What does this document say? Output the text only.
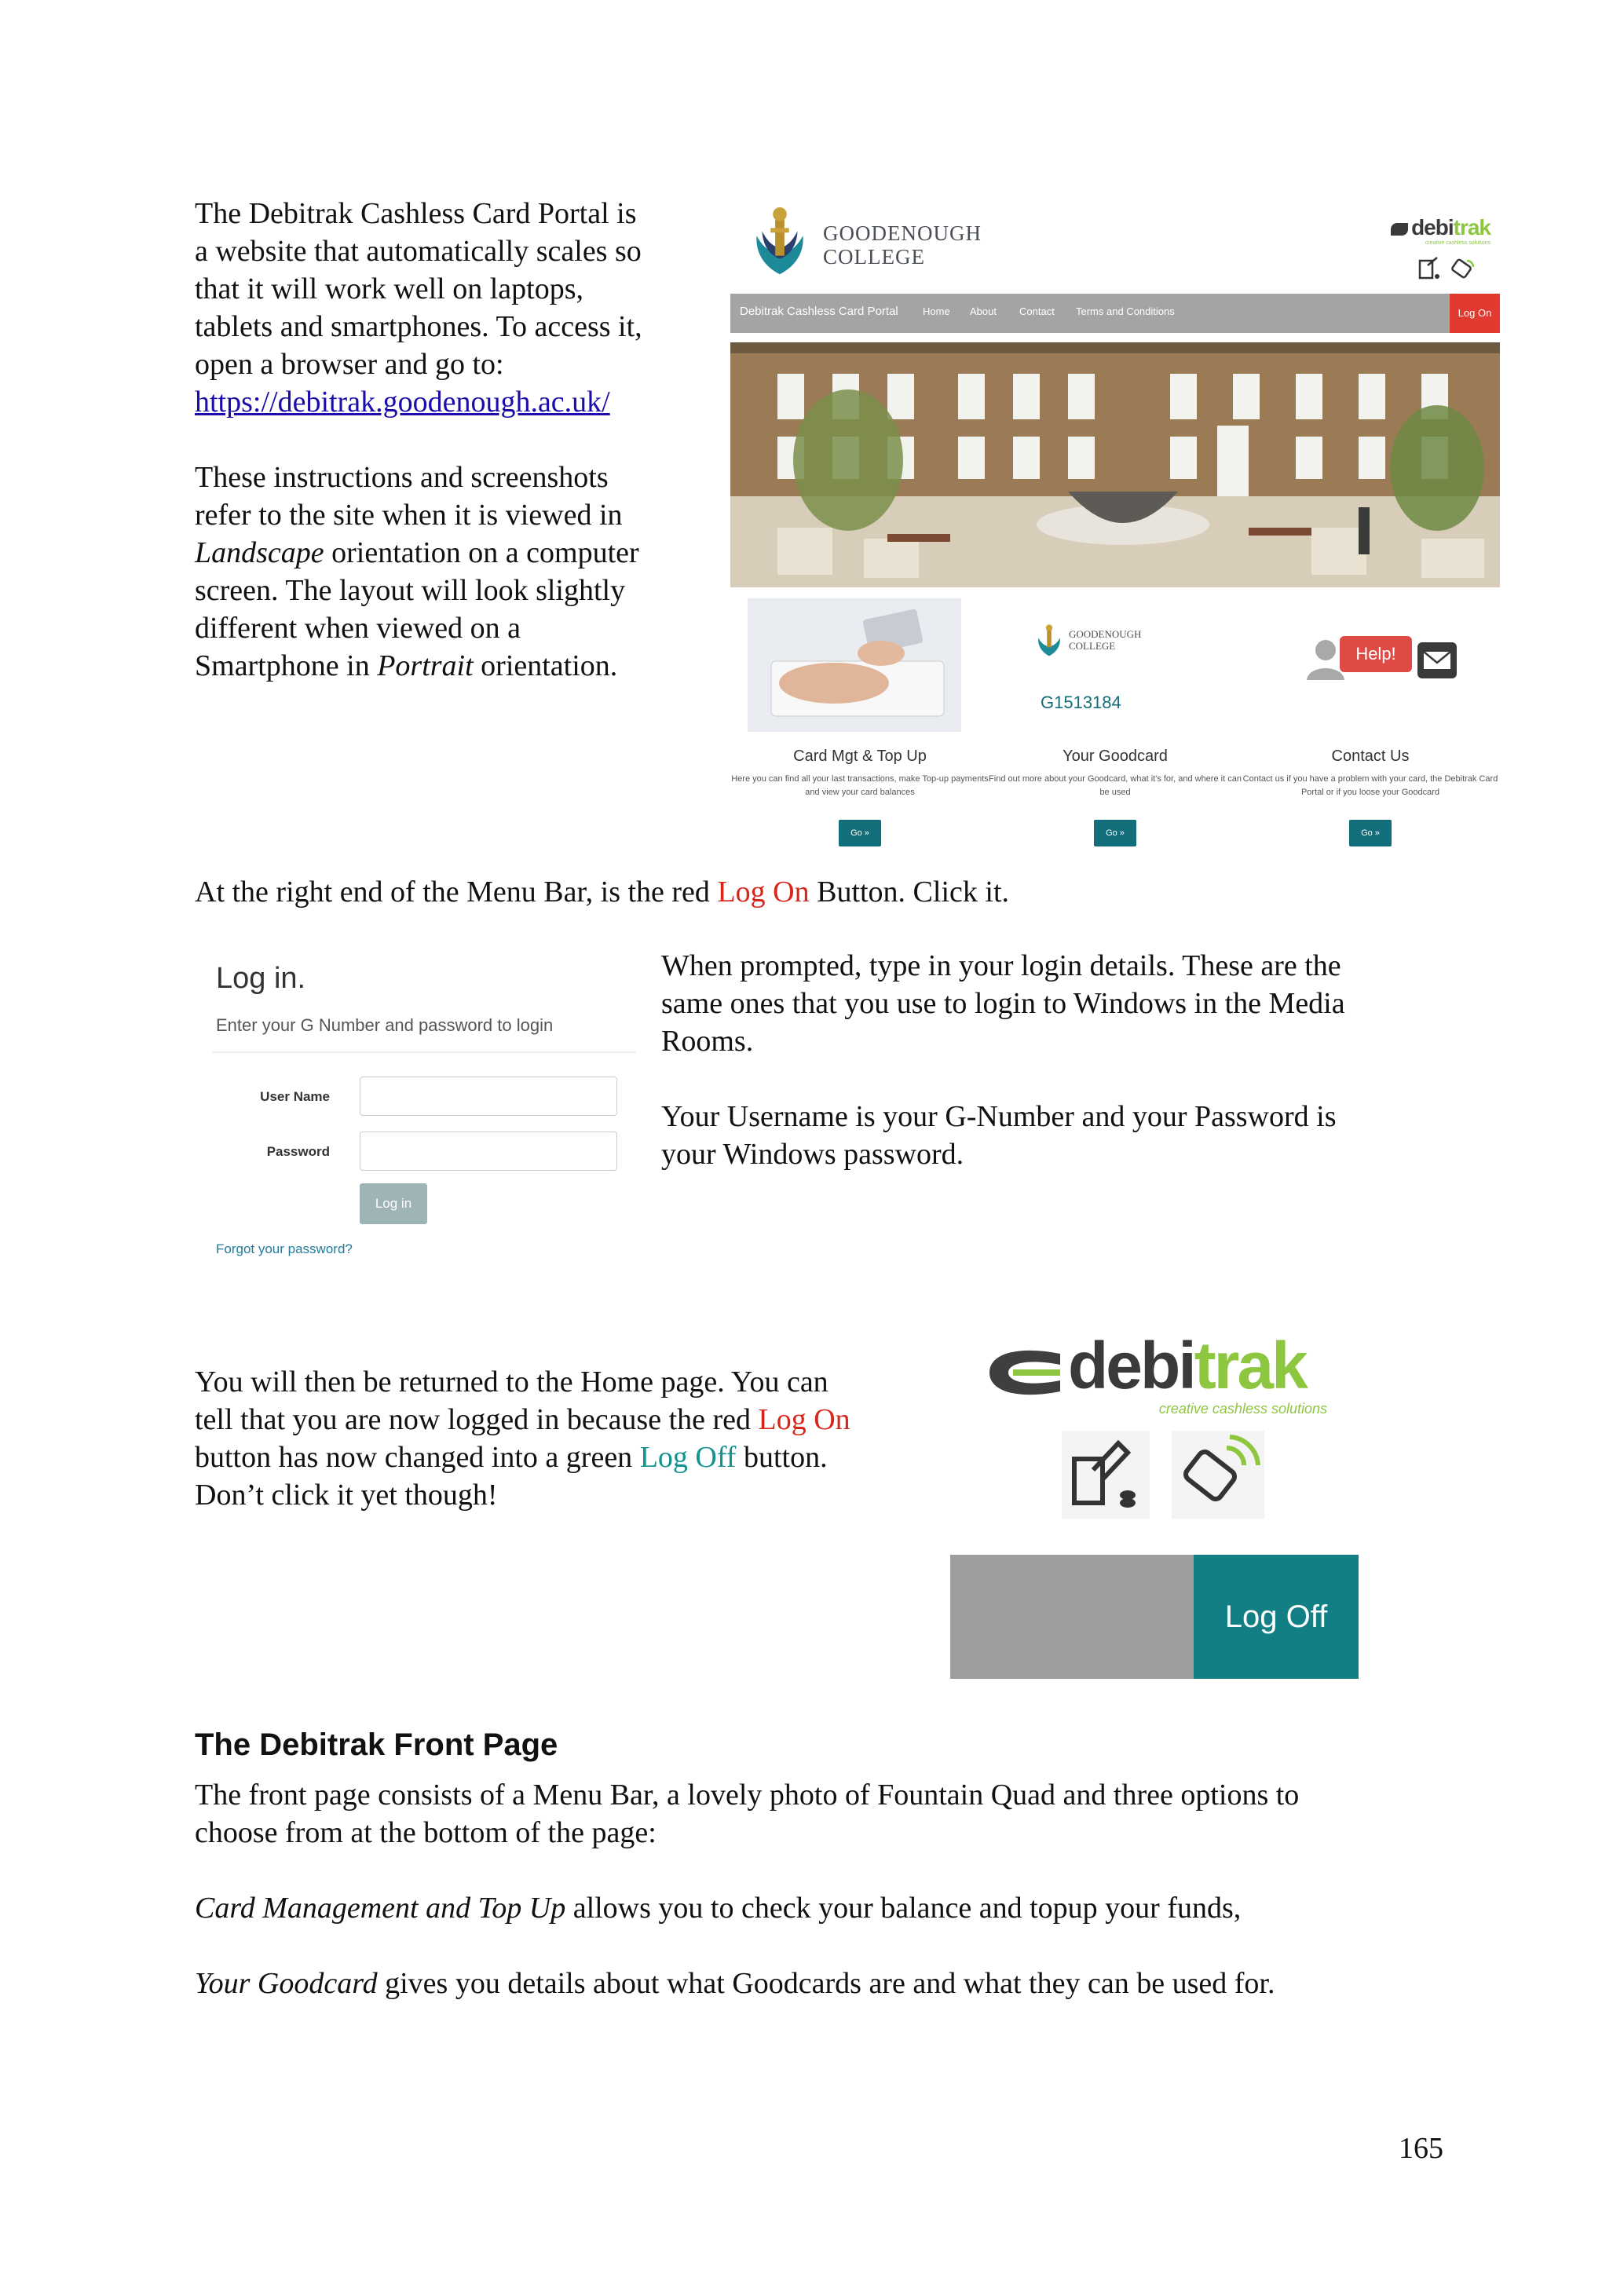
The Debitrak Cashless Card Portal is

a website that automatically scales so

that it will work well on laptops,

tablets and smartphones. To access it,

open a browser and go to:

https://debitrak.goodenough.ac.uk/

These instructions and screenshots

refer to the site when it is viewed in

Landscape orientation on a computer

screen. The layout will look slightly

different when viewed on a

Smartphone in Portrait orientation.

GOODENOUGH
COLLEGE
debitrak
creative cashless solutions
Debitrak Cashless Card Portal Home About Contact Terms and Conditions	Log On
Card Mgt & Top Up
Here you can find all your last transactions, make Top-up payments and view your card balances
Go »
GOODENOUGH
COLLEGE
Your Goodcard
Find out more about your Goodcard, what it's for, and where it can be used
Go »
G1513184
Contact Us
Contact us if you have a problem with your card, the Debitrak Card Portal or if you loose your Goodcard
Go »
Help!

At the right end of the Menu Bar, is the red Log On Button. Click it.

Log in.
Enter your G Number and password to login
User Name
Password
Log in
Forgot your password?

When prompted, type in your login details. These are the

same ones that you use to login to Windows in the Media

Rooms.

Your Username is your G-Number and your Password is

your Windows password.

You will then be returned to the Home page. You can

tell that you are now logged in because the red Log On

button has now changed into a green Log Off button.

Don’t click it yet though!

debitrak
creative cashless solutions
Log Off
The Debitrak Front Page

The front page consists of a Menu Bar, a lovely photo of Fountain Quad and three options to

choose from at the bottom of the page:

Card Management and Top Up allows you to check your balance and topup your funds,

Your Goodcard gives you details about what Goodcards are and what they can be used for.

165
